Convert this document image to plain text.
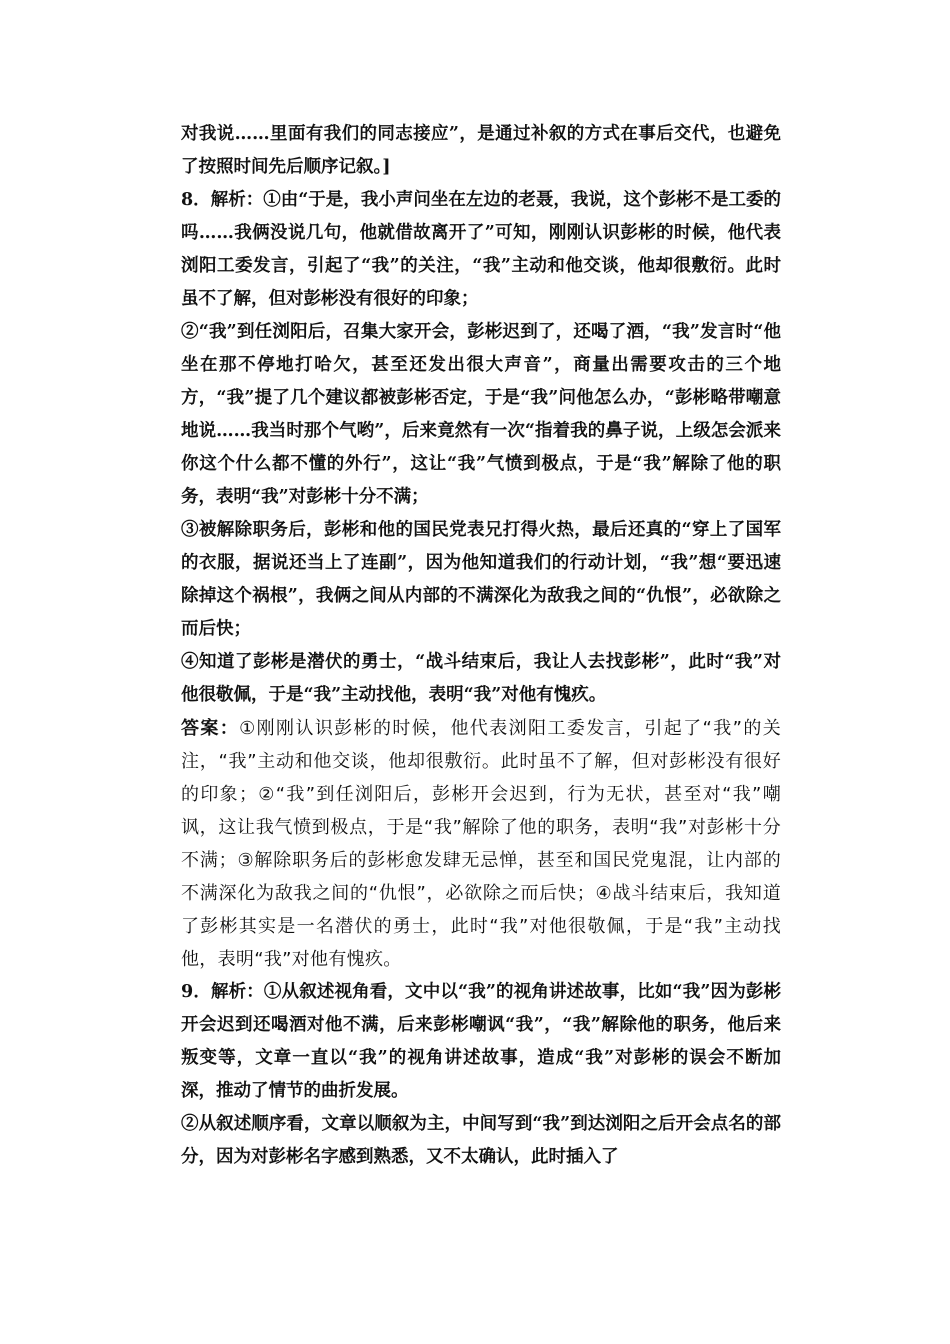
对我说……里面有我们的同志接应”，是通过补叙的方式在事后交代，也避免了按照时间先后顺序记叙。]

8．解析：①由“于是，我小声问坐在左边的老聂，我说，这个彭彬不是工委的吗……我俩没说几句，他就借故离开了”可知，刚刚认识彭彬的时候，他代表浏阳工委发言，引起了“我”的关注，“我”主动和他交谈，他却很敷衍。此时虽不了解，但对彭彬没有很好的印象；

②“我”到任浏阳后，召集大家开会，彭彬迟到了，还喝了酒，“我”发言时“他坐在那不停地打哈欠，甚至还发出很大声音”，商量出需要攻击的三个地方，“我”提了几个建议都被彭彬否定，于是“我”问他怎么办，“彭彬略带嘲意地说……我当时那个气哟”，后来竟然有一次“指着我的鼻子说，上级怎会派来你这个什么都不懂的外行”，这让“我”气愤到极点，于是“我”解除了他的职务，表明“我”对彭彬十分不满；

③被解除职务后，彭彬和他的国民党表兄打得火热，最后还真的“穿上了国军的衣服，据说还当上了连副”，因为他知道我们的行动计划，“我”想“要迅速除掉这个祸根”，我俩之间从内部的不满深化为敌我之间的“仇恨”，必欲除之而后快；

④知道了彭彬是潜伏的勇士，“战斗结束后，我让人去找彭彬”，此时“我”对他很敬佩，于是“我”主动找他，表明“我”对他有愧疚。

答案：①刚刚认识彭彬的时候，他代表浏阳工委发言，引起了“我”的关注，“我”主动和他交谈，他却很敷衍。此时虽不了解，但对彭彬没有很好的印象；②“我”到任浏阳后，彭彬开会迟到，行为无状，甚至对“我”嘲讽，这让我气愤到极点，于是“我”解除了他的职务，表明“我”对彭彬十分不满；③解除职务后的彭彬愈发肆无忌惮，甚至和国民党鬼混，让内部的不满深化为敌我之间的“仇恨”，必欲除之而后快；④战斗结束后，我知道了彭彬其实是一名潜伏的勇士，此时“我”对他很敬佩，于是“我”主动找他，表明“我”对他有愧疚。

9．解析：①从叙述视角看，文中以“我”的视角讲述故事，比如“我”因为彭彬开会迟到还喝酒对他不满，后来彭彬嘲讽“我”，“我”解除他的职务，他后来叛变等，文章一直以“我”的视角讲述故事，造成“我”对彭彬的误会不断加深，推动了情节的曲折发展。

②从叙述顺序看，文章以顺叙为主，中间写到“我”到达浏阳之后开会点名的部分，因为对彭彬名字感到熟悉，又不太确认，此时插入了
